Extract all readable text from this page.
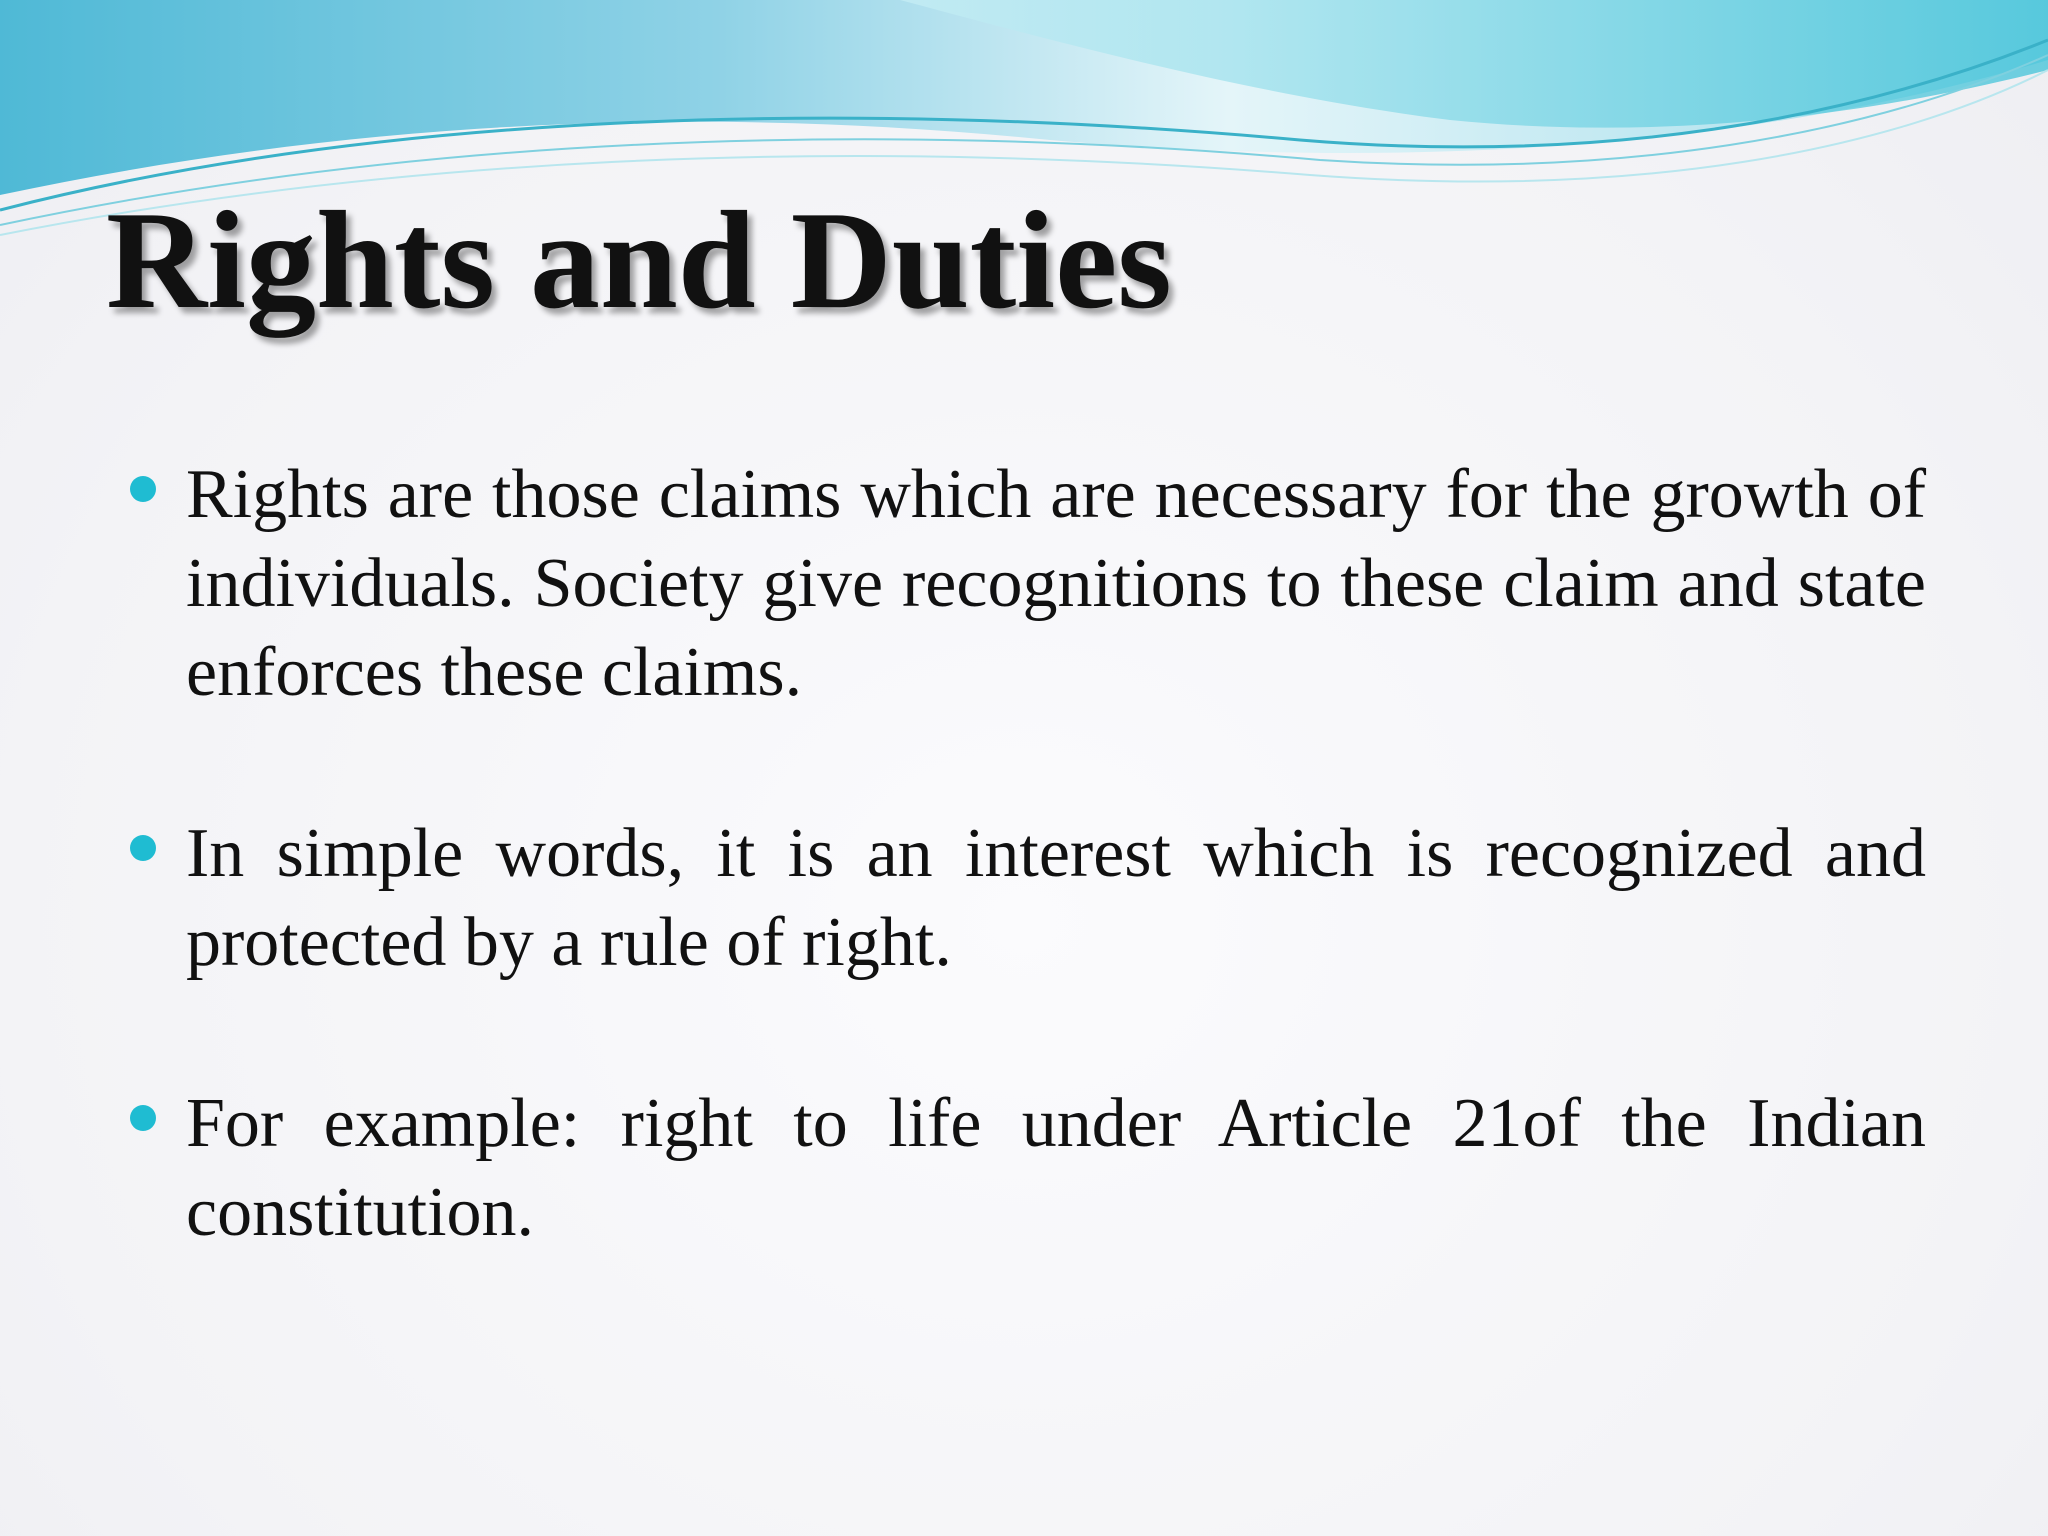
Rights and Duties
Rights are those claims which are necessary for the growth of individuals. Society give recognitions to these claim and state enforces these claims.
In simple words, it is an interest which is recognized and protected by a rule of right.
For example: right to life under Article 21of the Indian constitution.
